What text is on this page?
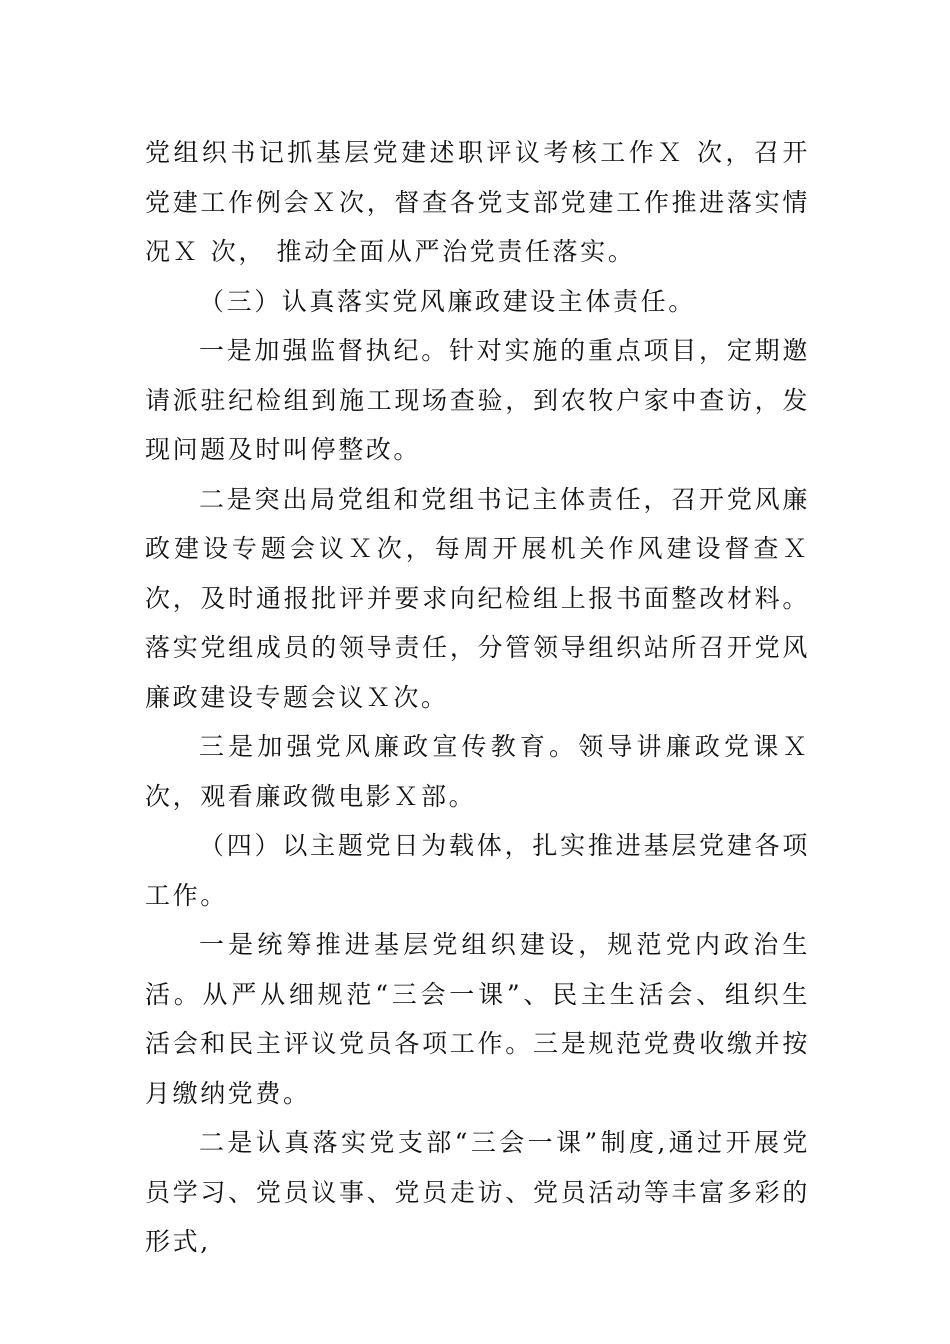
党组织书记抓基层党建述职评议考核工作Ｘ 次，召开党建工作例会Ｘ次，督查各党支部党建工作推进落实情况Ｘ 次， 推动全面从严治党责任落实。

（三）认真落实党风廉政建设主体责任。

一是加强监督执纪。针对实施的重点项目，定期邀请派驻纪检组到施工现场查验，到农牧户家中查访，发现问题及时叫停整改。

二是突出局党组和党组书记主体责任，召开党风廉政建设专题会议Ｘ次，每周开展机关作风建设督查Ｘ次，及时通报批评并要求向纪检组上报书面整改材料。落实党组成员的领导责任，分管领导组织站所召开党风廉政建设专题会议Ｘ次。

三是加强党风廉政宣传教育。领导讲廉政党课Ｘ次，观看廉政微电影Ｘ部。

（四）以主题党日为载体，扎实推进基层党建各项工作。

一是统筹推进基层党组织建设，规范党内政治生活。从严从细规范“三会一课”、民主生活会、组织生活会和民主评议党员各项工作。三是规范党费收缴并按月缴纳党费。

二是认真落实党支部“三会一课”制度,通过开展党员学习、党员议事、党员走访、党员活动等丰富多彩的形式,
